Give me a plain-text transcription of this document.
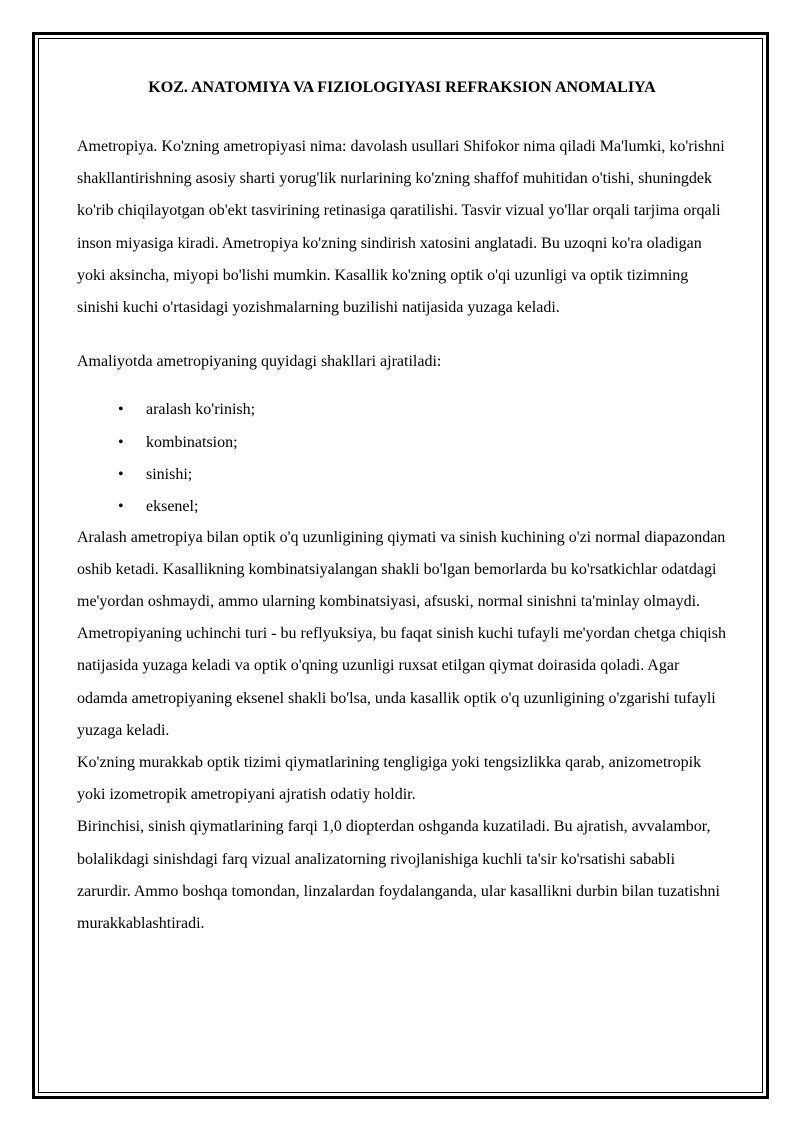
KOZ. ANATOMIYA VA FIZIOLOGIYASI REFRAKSION ANOMALIYA

Ametropiya. Ko'zning ametropiyasi nima: davolash usullari Shifokor nima qiladi Ma'lumki, ko'rishni shakllantirishning asosiy sharti yorug'lik nurlarining ko'zning shaffof muhitidan o'tishi, shuningdek ko'rib chiqilayotgan ob'ekt tasvirining retinasiga qaratilishi. Tasvir vizual yo'llar orqali tarjima orqali inson miyasiga kiradi. Ametropiya ko'zning sindirish xatosini anglatadi. Bu uzoqni ko'ra oladigan yoki aksincha, miyopi bo'lishi mumkin. Kasallik ko'zning optik o'qi uzunligi va optik tizimning sinishi kuchi o'rtasidagi yozishmalarning buzilishi natijasida yuzaga keladi.

Amaliyotda ametropiyaning quyidagi shakllari ajratiladi:

• aralash ko'rinish;
• kombinatsion;
• sinishi;
• eksenel;

Aralash ametropiya bilan optik o'q uzunligining qiymati va sinish kuchining o'zi normal diapazondan oshib ketadi. Kasallikning kombinatsiyalangan shakli bo'lgan bemorlarda bu ko'rsatkichlar odatdagi me'yordan oshmaydi, ammo ularning kombinatsiyasi, afsuski, normal sinishni ta'minlay olmaydi.

Ametropiyaning uchinchi turi - bu reflyuksiya, bu faqat sinish kuchi tufayli me'yordan chetga chiqish natijasida yuzaga keladi va optik o'qning uzunligi ruxsat etilgan qiymat doirasida qoladi. Agar odamda ametropiyaning eksenel shakli bo'lsa, unda kasallik optik o'q uzunligining o'zgarishi tufayli yuzaga keladi.

Ko'zning murakkab optik tizimi qiymatlarining tengligiga yoki tengsizlikka qarab, anizometropik yoki izometropik ametropiyani ajratish odatiy holdir.

Birinchisi, sinish qiymatlarining farqi 1,0 diopterdan oshganda kuzatiladi. Bu ajratish, avvalambor, bolalikdagi sinishdagi farq vizual analizatorning rivojlanishiga kuchli ta'sir ko'rsatishi sababli zarurdir. Ammo boshqa tomondan, linzalardan foydalanganda, ular kasallikni durbin bilan tuzatishni murakkablashtiradi.
